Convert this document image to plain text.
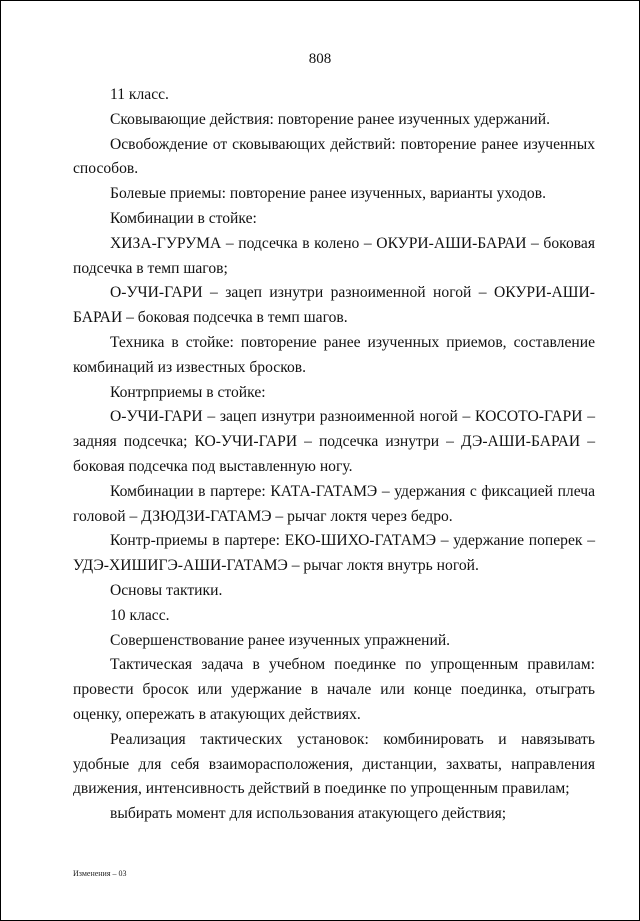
808

11 класс.

Сковывающие действия: повторение ранее изученных удержаний.

Освобождение от сковывающих действий: повторение ранее изученных способов.

Болевые приемы: повторение ранее изученных, варианты уходов.

Комбинации в стойке:

ХИЗА-ГУРУМА – подсечка в колено – ОКУРИ-АШИ-БАРАИ – боковая подсечка в темп шагов;

О-УЧИ-ГАРИ – зацеп изнутри разноименной ногой – ОКУРИ-АШИ-БАРАИ – боковая подсечка в темп шагов.

Техника в стойке: повторение ранее изученных приемов, составление комбинаций из известных бросков.

Контрприемы в стойке:

О-УЧИ-ГАРИ – зацеп изнутри разноименной ногой – КОСОТО-ГАРИ – задняя подсечка; КО-УЧИ-ГАРИ – подсечка изнутри – ДЭ-АШИ-БАРАИ – боковая подсечка под выставленную ногу.

Комбинации в партере: КАТА-ГАТАМЭ – удержания с фиксацией плеча головой – ДЗЮДЗИ-ГАТАМЭ – рычаг локтя через бедро.

Контр-приемы в партере: ЕКО-ШИХО-ГАТАМЭ – удержание поперек – УДЭ-ХИШИГЭ-АШИ-ГАТАМЭ – рычаг локтя внутрь ногой.

Основы тактики.

10 класс.

Совершенствование ранее изученных упражнений.

Тактическая задача в учебном поединке по упрощенным правилам: провести бросок или удержание в начале или конце поединка, отыграть оценку, опережать в атакующих действиях.

Реализация тактических установок: комбинировать и навязывать удобные для себя взаиморасположения, дистанции, захваты, направления движения, интенсивность действий в поединке по упрощенным правилам;

выбирать момент для использования атакующего действия;

Изменения – 03
